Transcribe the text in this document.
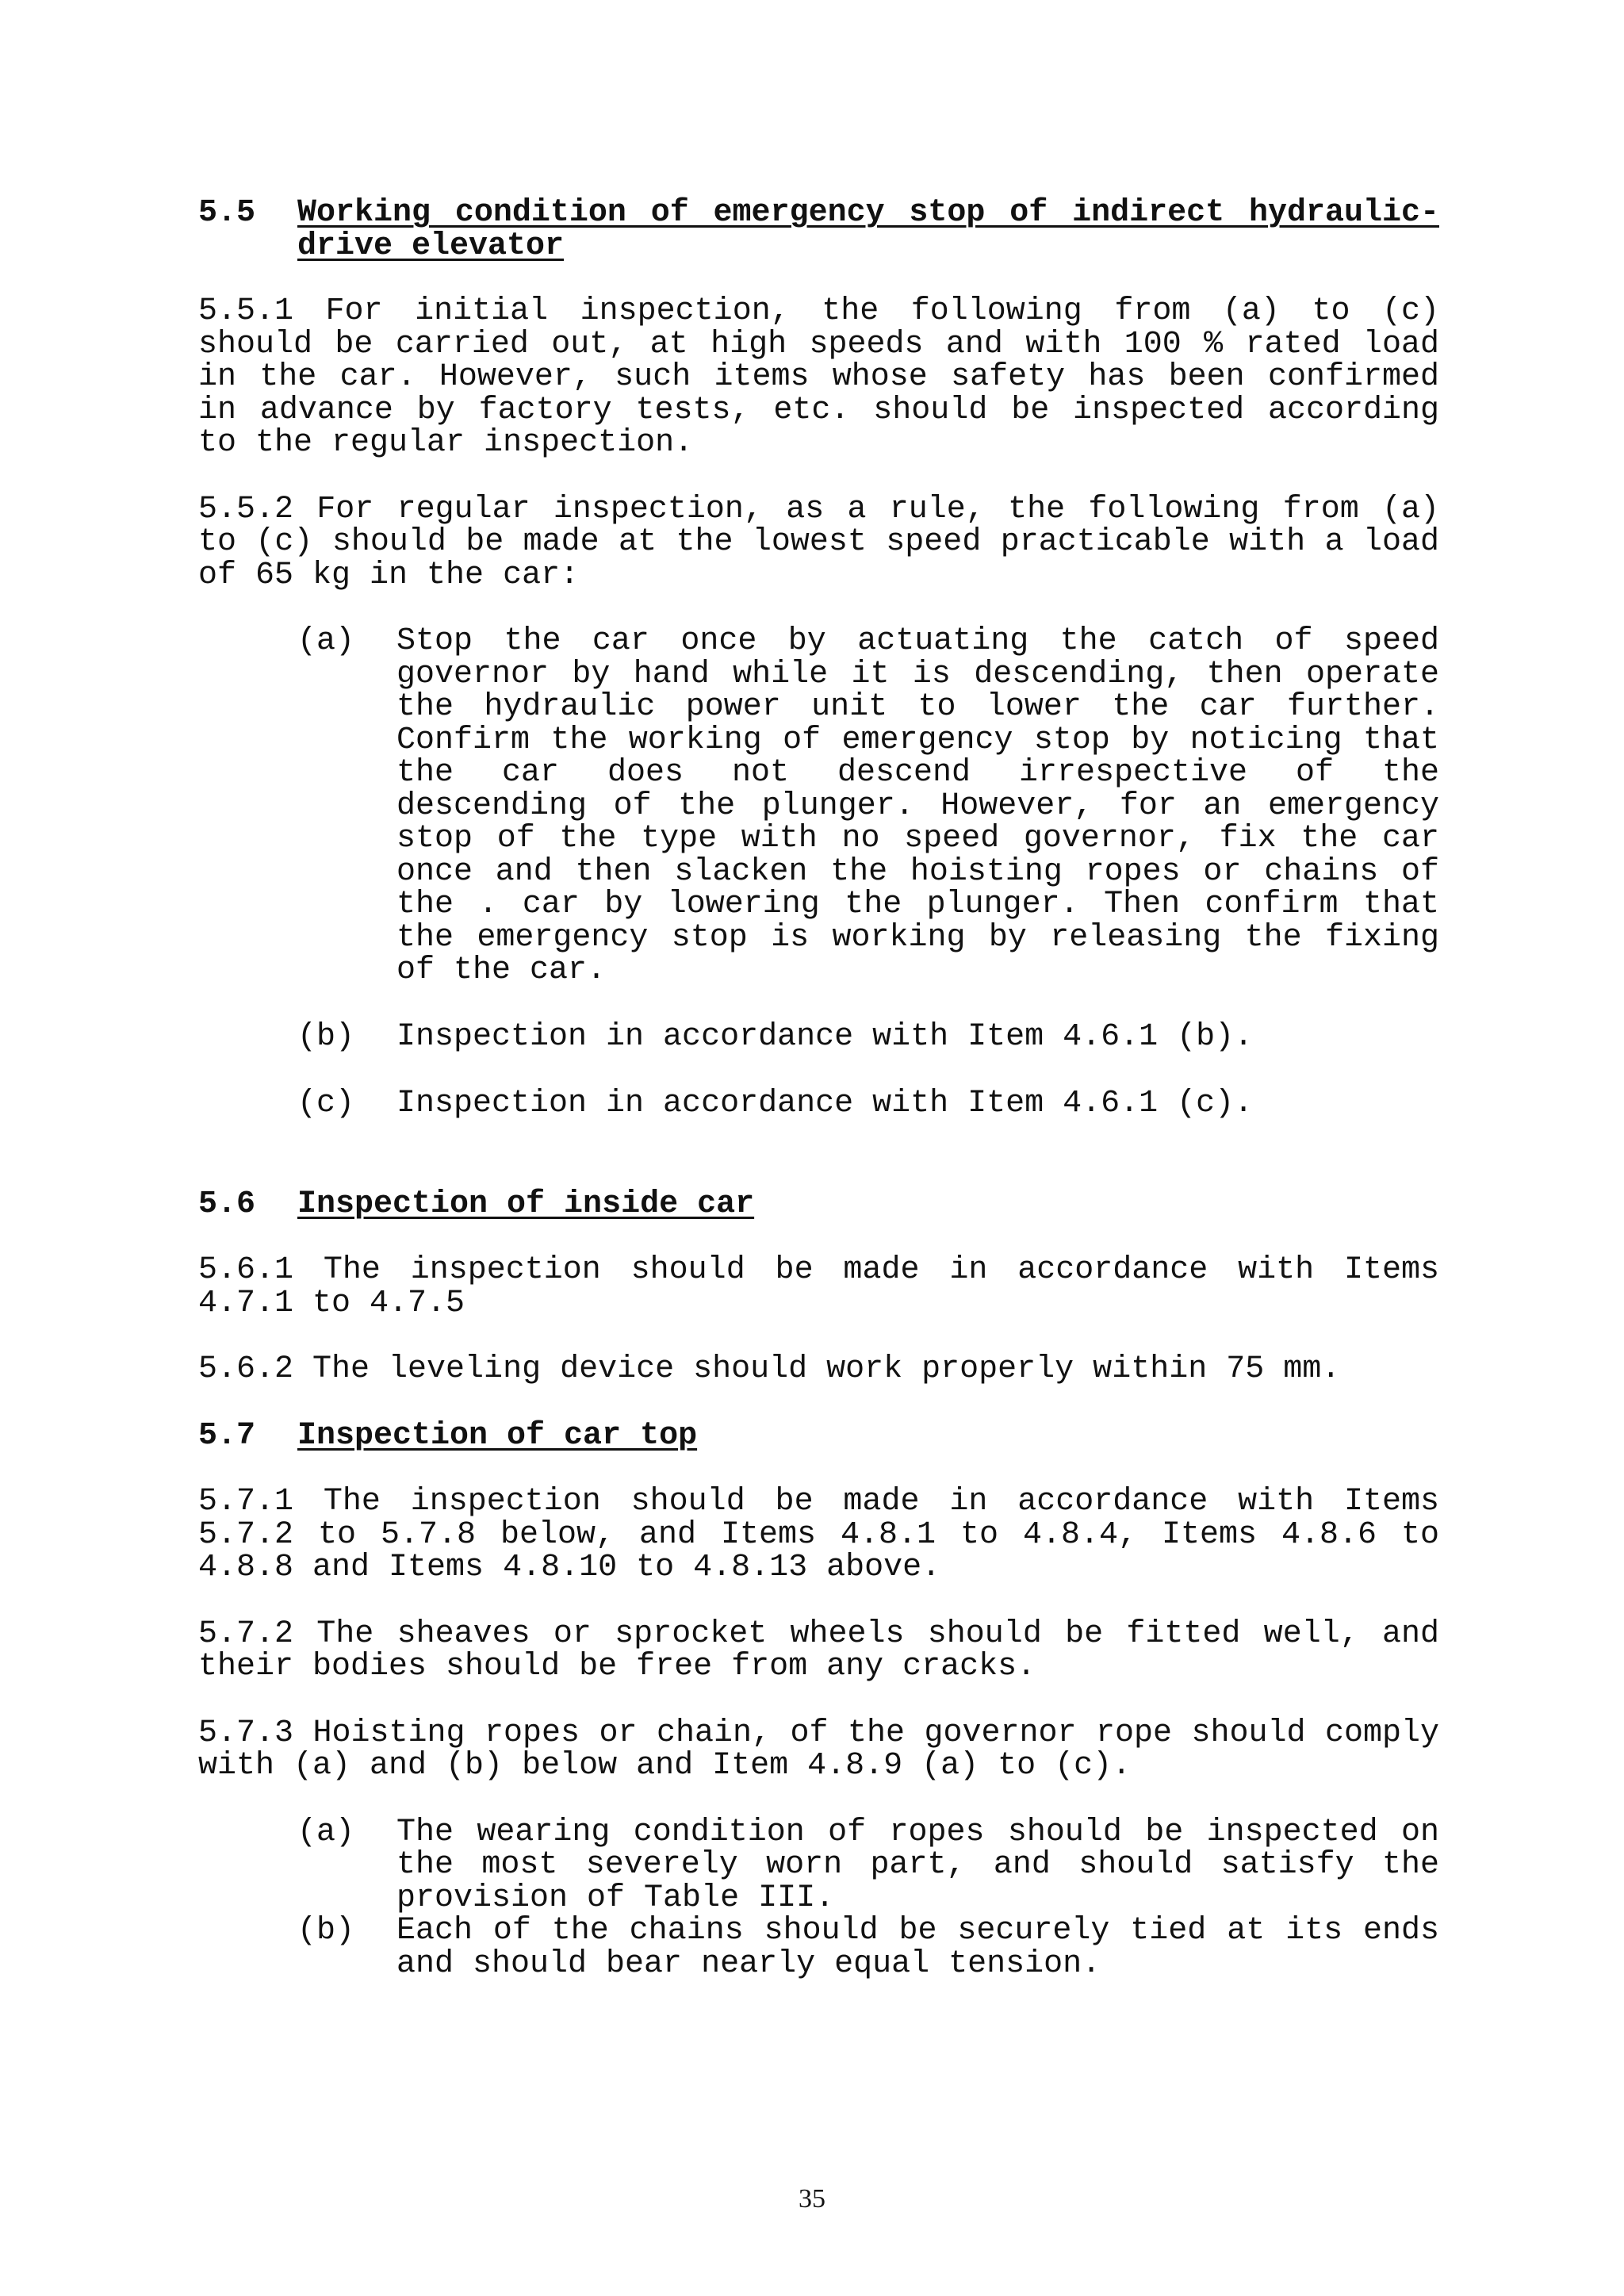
5.5	Working condition of emergency stop of indirect hydraulic-drive elevator

5.5.1 For initial inspection, the following from (a) to (c) should be carried out, at high speeds and with 100 % rated load in the car. However, such items whose safety has been confirmed in advance by factory tests, etc. should be inspected according to the regular inspection.

5.5.2 For regular inspection, as a rule, the following from (a) to (c) should be made at the lowest speed practicable with a load of 65 kg in the car:

(a)	Stop the car once by actuating the catch of speed governor by hand while it is descending, then operate the hydraulic power unit to lower the car further. Confirm the working of emergency stop by noticing that the car does not descend irrespective of the descending of the plunger. However, for an emergency stop of the type with no speed governor, fix the car once and then slacken the hoisting ropes or chains of the . car by lowering the plunger. Then confirm that the emergency stop is working by releasing the fixing of the car.
(b)	Inspection in accordance with Item 4.6.1 (b).
(c)	Inspection in accordance with Item 4.6.1 (c).
5.6	Inspection of inside car

5.6.1 The inspection should be made in accordance with Items 4.7.1 to 4.7.5

5.6.2 The leveling device should work properly within 75 mm.

5.7	Inspection of car top

5.7.1 The inspection should be made in accordance with Items 5.7.2 to 5.7.8 below, and Items 4.8.1 to 4.8.4, Items 4.8.6 to 4.8.8 and Items 4.8.10 to 4.8.13 above.

5.7.2 The sheaves or sprocket wheels should be fitted well, and their bodies should be free from any cracks.

5.7.3 Hoisting ropes or chain, of the governor rope should comply with (a) and (b) below and Item 4.8.9 (a) to (c).

(a)	The wearing condition of ropes should be inspected on the most severely worn part, and should satisfy the provision of Table III.
(b)	Each of the chains should be securely tied at its ends and should bear nearly equal tension.
35
